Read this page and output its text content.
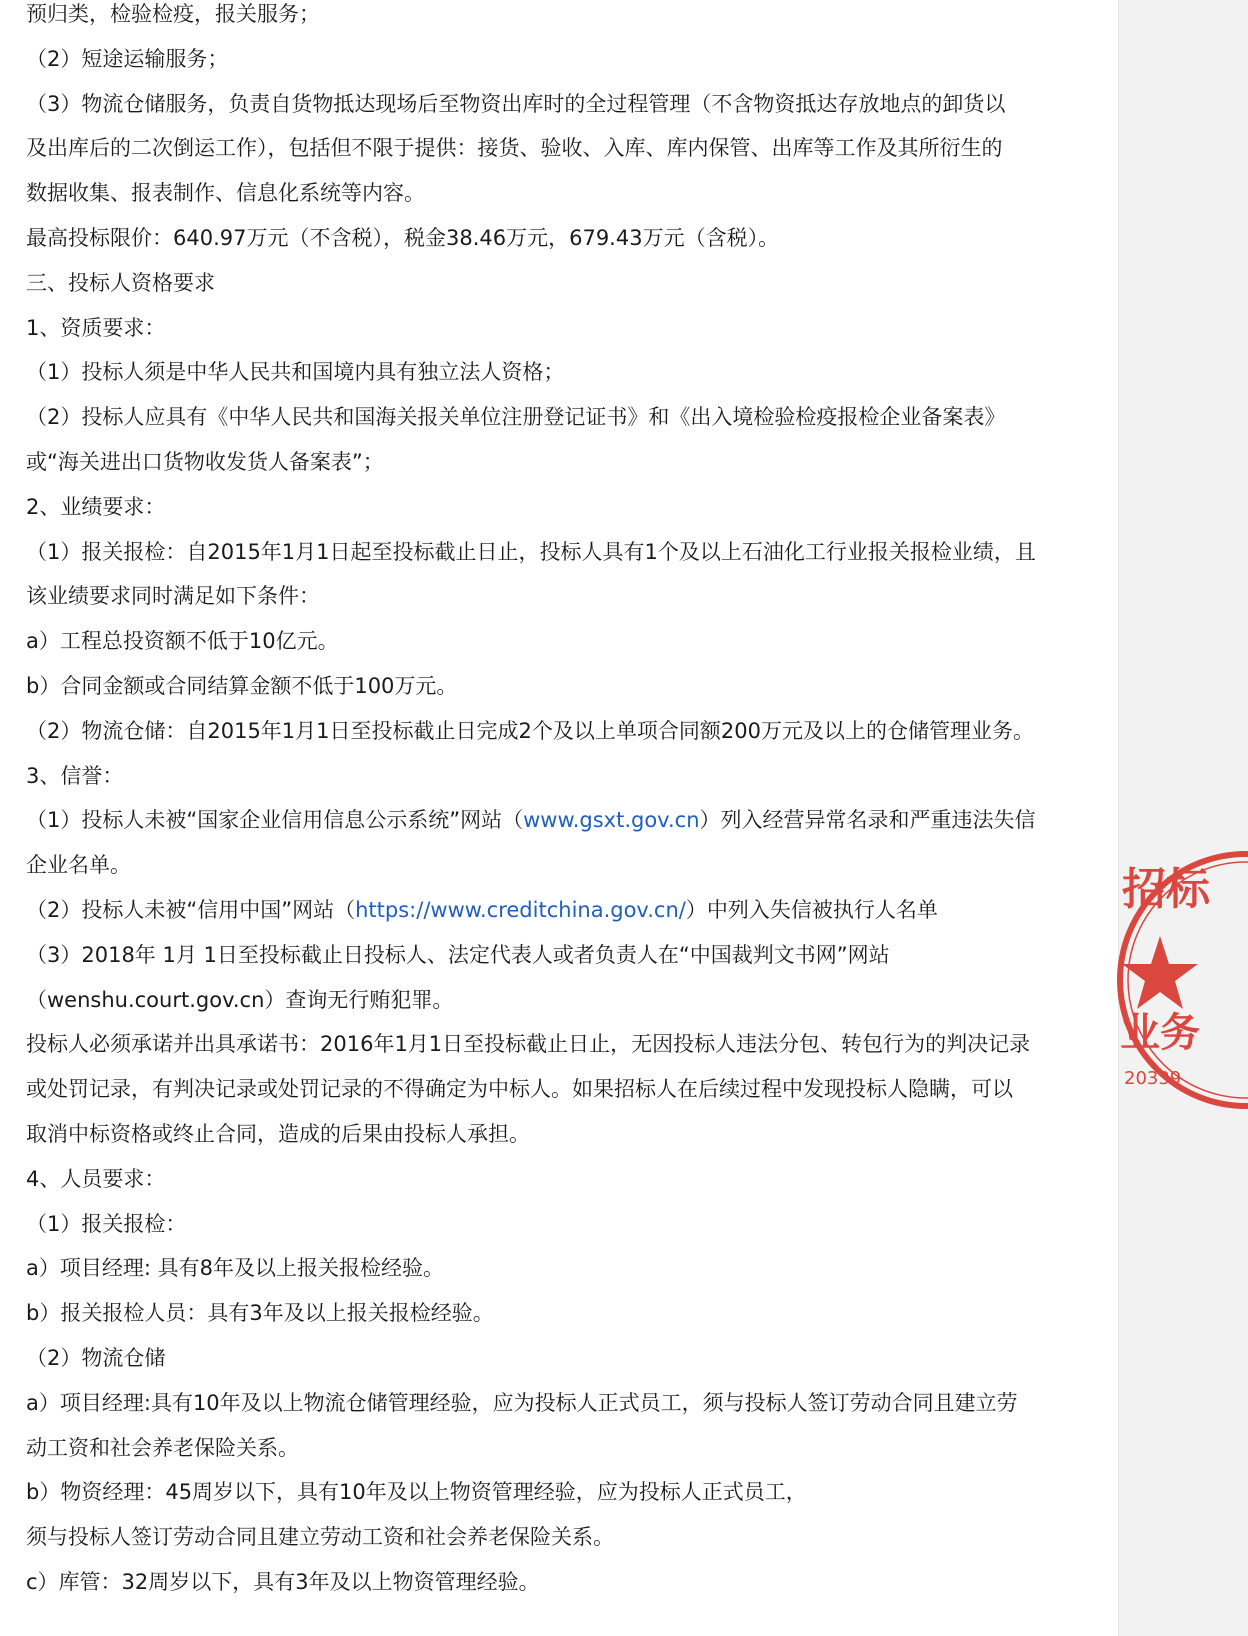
预归类，检验检疫，报关服务；
（2）短途运输服务；
（3）物流仓储服务，负责自货物抵达现场后至物资出库时的全过程管理（不含物资抵达存放地点的卸货以
及出库后的二次倒运工作），包括但不限于提供：接货、验收、入库、库内保管、出库等工作及其所衍生的
数据收集、报表制作、信息化系统等内容。
最高投标限价：640.97万元（不含税），税金38.46万元，679.43万元（含税）。
三、投标人资格要求
1、资质要求：
（1）投标人须是中华人民共和国境内具有独立法人资格；
（2）投标人应具有《中华人民共和国海关报关单位注册登记证书》和《出入境检验检疫报检企业备案表》
或“海关进出口货物收发货人备案表”；
2、业绩要求：
（1）报关报检：自2015年1月1日起至投标截止日止，投标人具有1个及以上石油化工行业报关报检业绩，且
该业绩要求同时满足如下条件：
a）工程总投资额不低于10亿元。
b）合同金额或合同结算金额不低于100万元。
（2）物流仓储：自2015年1月1日至投标截止日完成2个及以上单项合同额200万元及以上的仓储管理业务。
3、信誉：
（1）投标人未被“国家企业信用信息公示系统”网站（www.gsxt.gov.cn）列入经营异常名录和严重违法失信
企业名单。
（2）投标人未被“信用中国”网站（https://www.creditchina.gov.cn/）中列入失信被执行人名单
（3）2018年 1月 1日至投标截止日投标人、法定代表人或者负责人在“中国裁判文书网”网站
（wenshu.court.gov.cn）查询无行贿犯罪。
投标人必须承诺并出具承诺书：2016年1月1日至投标截止日止，无因投标人违法分包、转包行为的判决记录
或处罚记录，有判决记录或处罚记录的不得确定为中标人。如果招标人在后续过程中发现投标人隐瞒，可以
取消中标资格或终止合同，造成的后果由投标人承担。
4、人员要求：
（1）报关报检：
a）项目经理: 具有8年及以上报关报检经验。
b）报关报检人员：具有3年及以上报关报检经验。
（2）物流仓储
a）项目经理:具有10年及以上物流仓储管理经验，应为投标人正式员工，须与投标人签订劳动合同且建立劳
动工资和社会养老保险关系。
b）物资经理：45周岁以下，具有10年及以上物资管理经验，应为投标人正式员工，
须与投标人签订劳动合同且建立劳动工资和社会养老保险关系。
c）库管：32周岁以下，具有3年及以上物资管理经验。
招标
业务
20339
